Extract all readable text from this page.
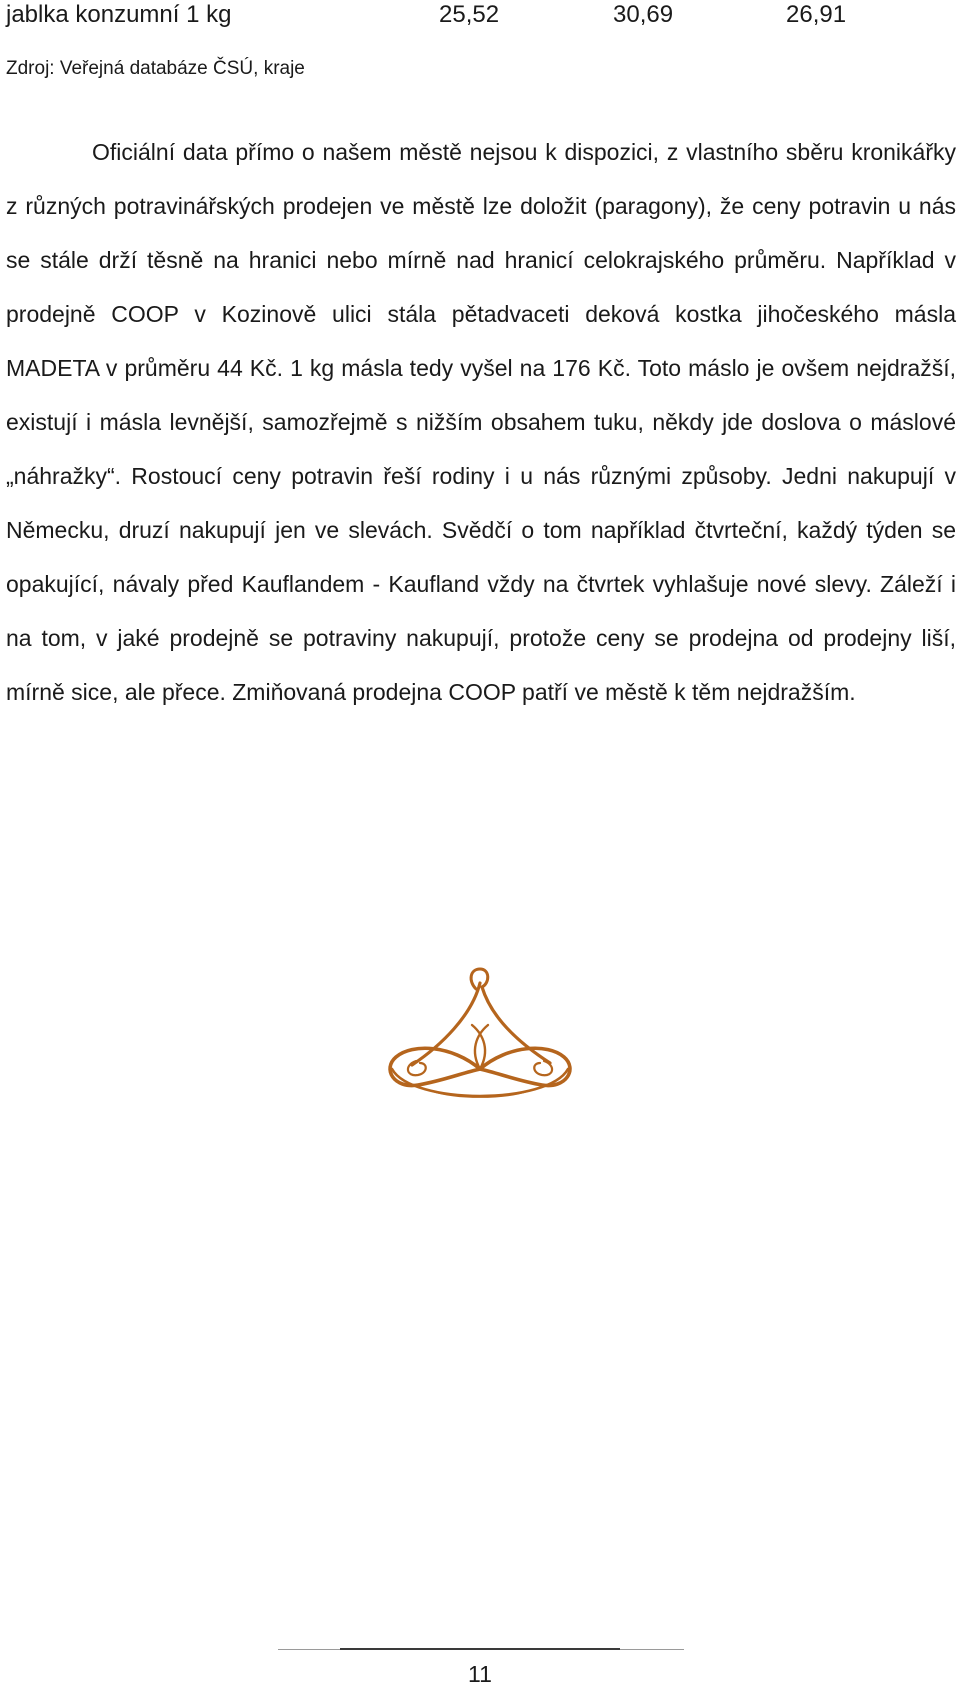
jablka konzumní 1 kg	25,52	30,69	26,91
Zdroj: Veřejná databáze ČSÚ, kraje

Oficiální data přímo o našem městě nejsou k dispozici, z vlastního sběru kronikářky z různých potravinářských prodejen ve městě lze doložit (paragony), že ceny potravin u nás se stále drží těsně na hranici nebo mírně nad hranicí celokrajského průměru. Například v prodejně COOP v Kozinově ulici stála pětadvaceti deková kostka jihočeského másla MADETA v průměru 44 Kč. 1 kg másla tedy vyšel na 176 Kč. Toto máslo je ovšem nejdražší, existují i másla levnější, samozřejmě s nižším obsahem tuku, někdy jde doslova o máslové „náhražky“. Rostoucí ceny potravin řeší rodiny i u nás různými způsoby. Jedni nakupují v Německu, druzí nakupují jen ve slevách. Svědčí o tom například čtvrteční, každý týden se opakující, návaly před Kauflandem - Kaufland vždy na čtvrtek vyhlašuje nové slevy. Záleží i na tom, v jaké prodejně se potraviny nakupují, protože ceny se prodejna od prodejny liší, mírně sice, ale přece. Zmiňovaná prodejna COOP patří ve městě k těm nejdražším.

11
